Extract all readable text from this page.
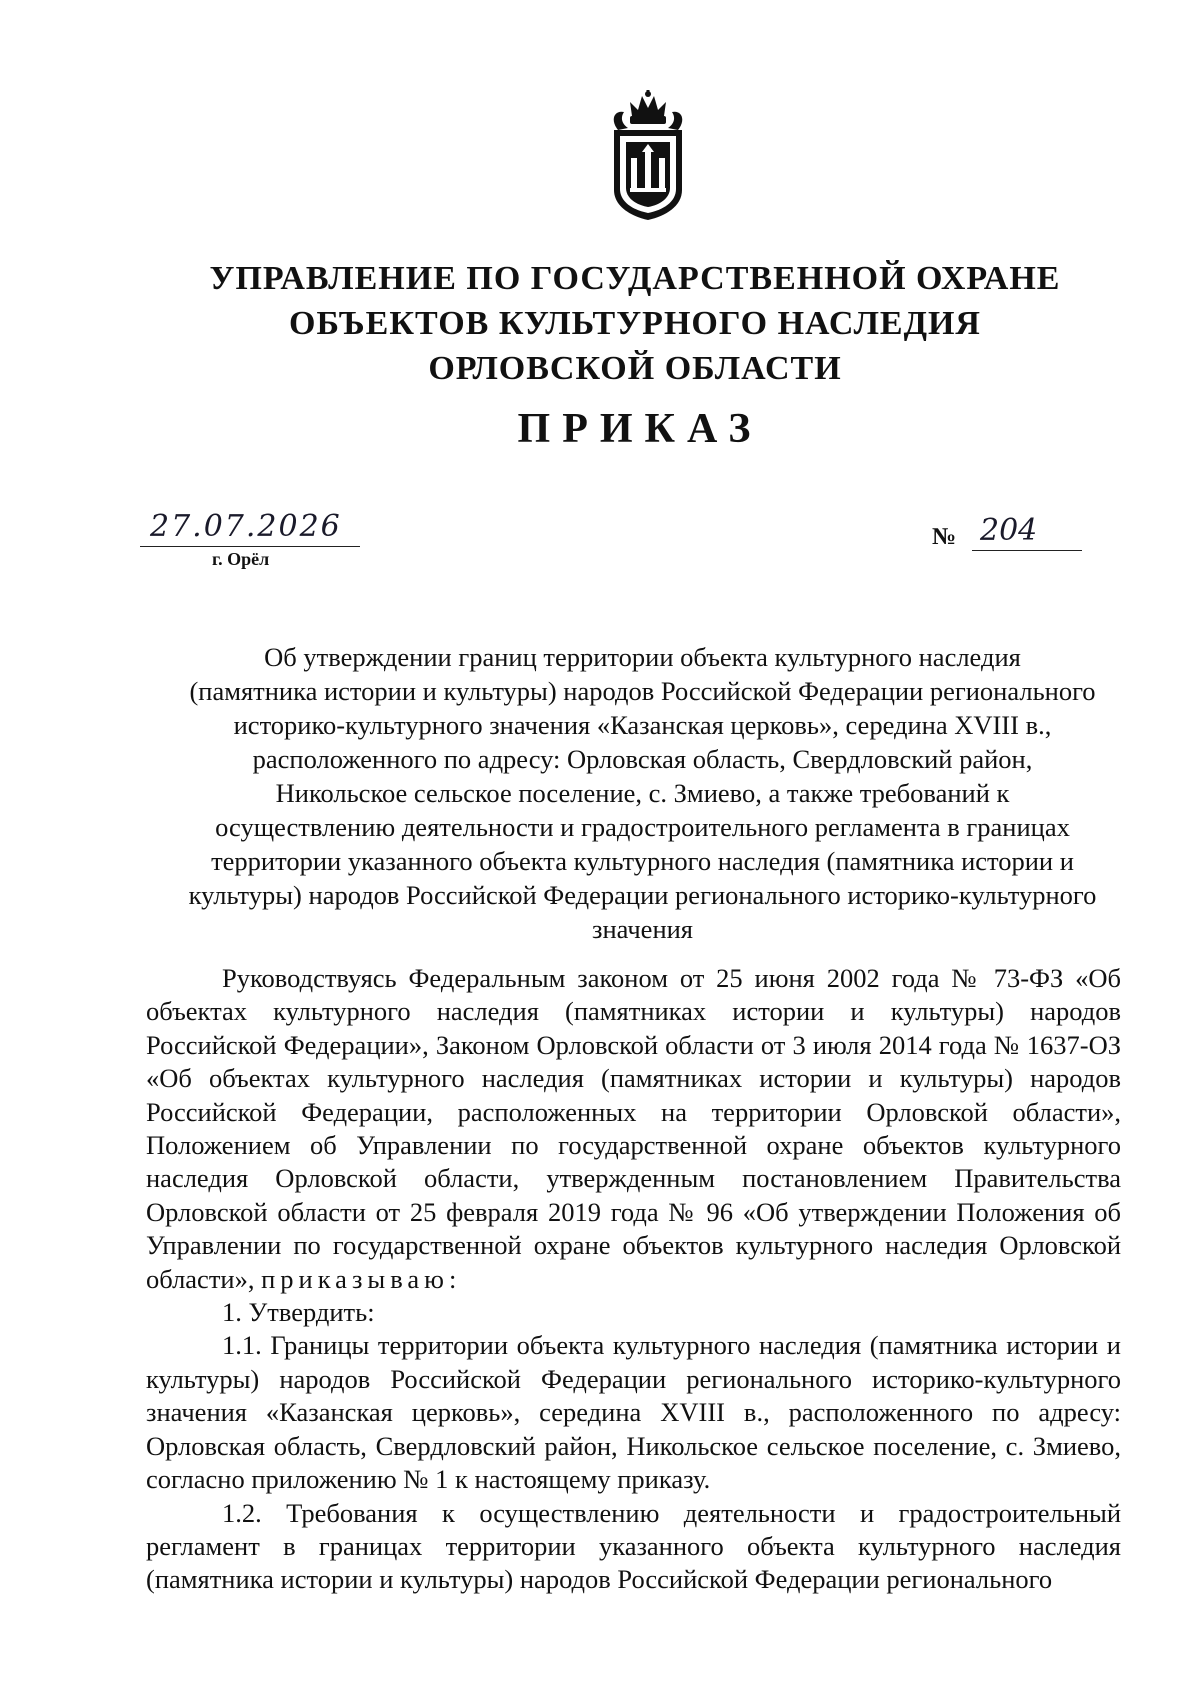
УПРАВЛЕНИЕ ПО ГОСУДАРСТВЕННОЙ ОХРАНЕ
ОБЪЕКТОВ КУЛЬТУРНОГО НАСЛЕДИЯ
ОРЛОВСКОЙ ОБЛАСТИ
ПРИКАЗ
27.07.2026
г. Орёл
№ 204
Об утверждении границ территории объекта культурного наследия
(памятника истории и культуры) народов Российской Федерации регионального
историко-культурного значения «Казанская церковь», середина XVIII в.,
расположенного по адресу: Орловская область, Свердловский район,
Никольское сельское поселение, с. Змиево, а также требований к
осуществлению деятельности и градостроительного регламента в границах
территории указанного объекта культурного наследия (памятника истории и
культуры) народов Российской Федерации регионального историко-культурного
значения

Руководствуясь Федеральным законом от 25 июня 2002 года № 73-ФЗ «Об объектах культурного наследия (памятниках истории и культуры) народов Российской Федерации», Законом Орловской области от 3 июля 2014 года № 1637-ОЗ «Об объектах культурного наследия (памятниках истории и культуры) народов Российской Федерации, расположенных на территории Орловской области», Положением об Управлении по государственной охране объектов культурного наследия Орловской области, утвержденным постановлением Правительства Орловской области от 25 февраля 2019 года № 96 «Об утверждении Положения об Управлении по государственной охране объектов культурного наследия Орловской области», приказываю:

1. Утвердить:

1.1. Границы территории объекта культурного наследия (памятника истории и культуры) народов Российской Федерации регионального историко-культурного значения «Казанская церковь», середина XVIII в., расположенного по адресу: Орловская область, Свердловский район, Никольское сельское поселение, с. Змиево, согласно приложению № 1 к настоящему приказу.

1.2. Требования к осуществлению деятельности и градостроительный регламент в границах территории указанного объекта культурного наследия (памятника истории и культуры) народов Российской Федерации регионального
